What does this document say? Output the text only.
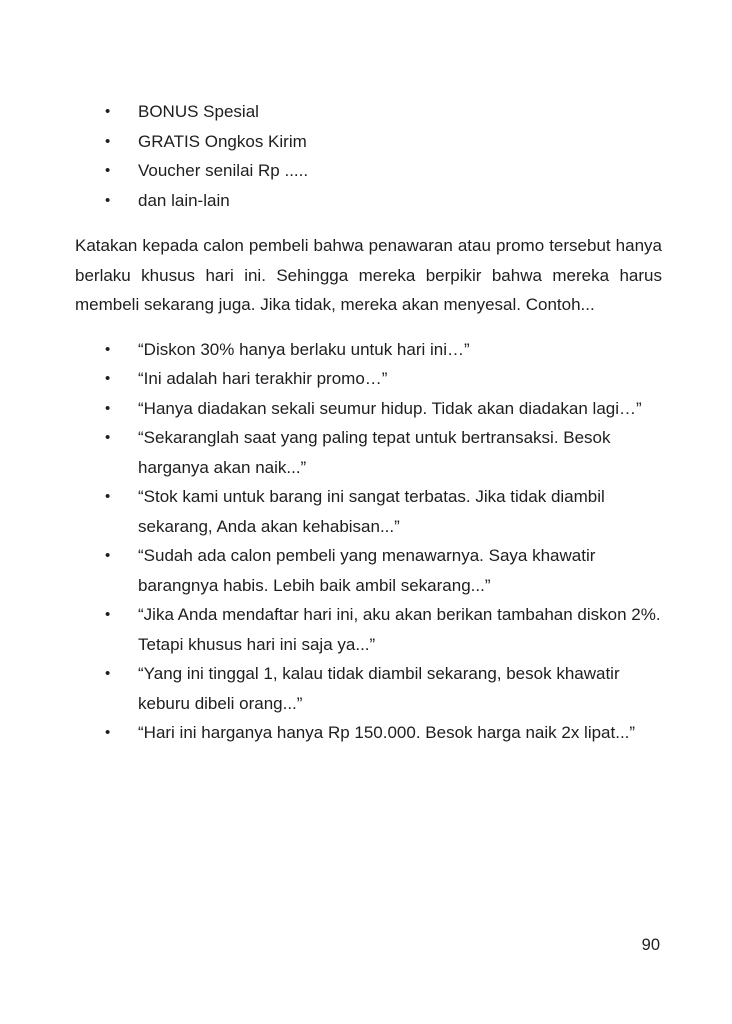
•	BONUS Spesial
•	GRATIS Ongkos Kirim
•	Voucher senilai Rp .....
•	dan lain-lain

Katakan kepada calon pembeli bahwa penawaran atau promo tersebut hanya berlaku khusus hari ini. Sehingga mereka berpikir bahwa mereka harus membeli sekarang juga. Jika tidak, mereka akan menyesal. Contoh...

•	“Diskon 30% hanya berlaku untuk hari ini…”
•	“Ini adalah hari terakhir promo…”
•	“Hanya diadakan sekali seumur hidup. Tidak akan diadakan lagi…”
•	“Sekaranglah saat yang paling tepat untuk bertransaksi. Besok harganya akan naik...”
•	“Stok kami untuk barang ini sangat terbatas. Jika tidak diambil sekarang, Anda akan kehabisan...”
•	“Sudah ada calon pembeli yang menawarnya. Saya khawatir barangnya habis. Lebih baik ambil sekarang...”
•	“Jika Anda mendaftar hari ini, aku akan berikan tambahan diskon 2%. Tetapi khusus hari ini saja ya...”
•	“Yang ini tinggal 1, kalau tidak diambil sekarang, besok khawatir keburu dibeli orang...”
•	“Hari ini harganya hanya Rp 150.000. Besok harga naik 2x lipat...”
90
